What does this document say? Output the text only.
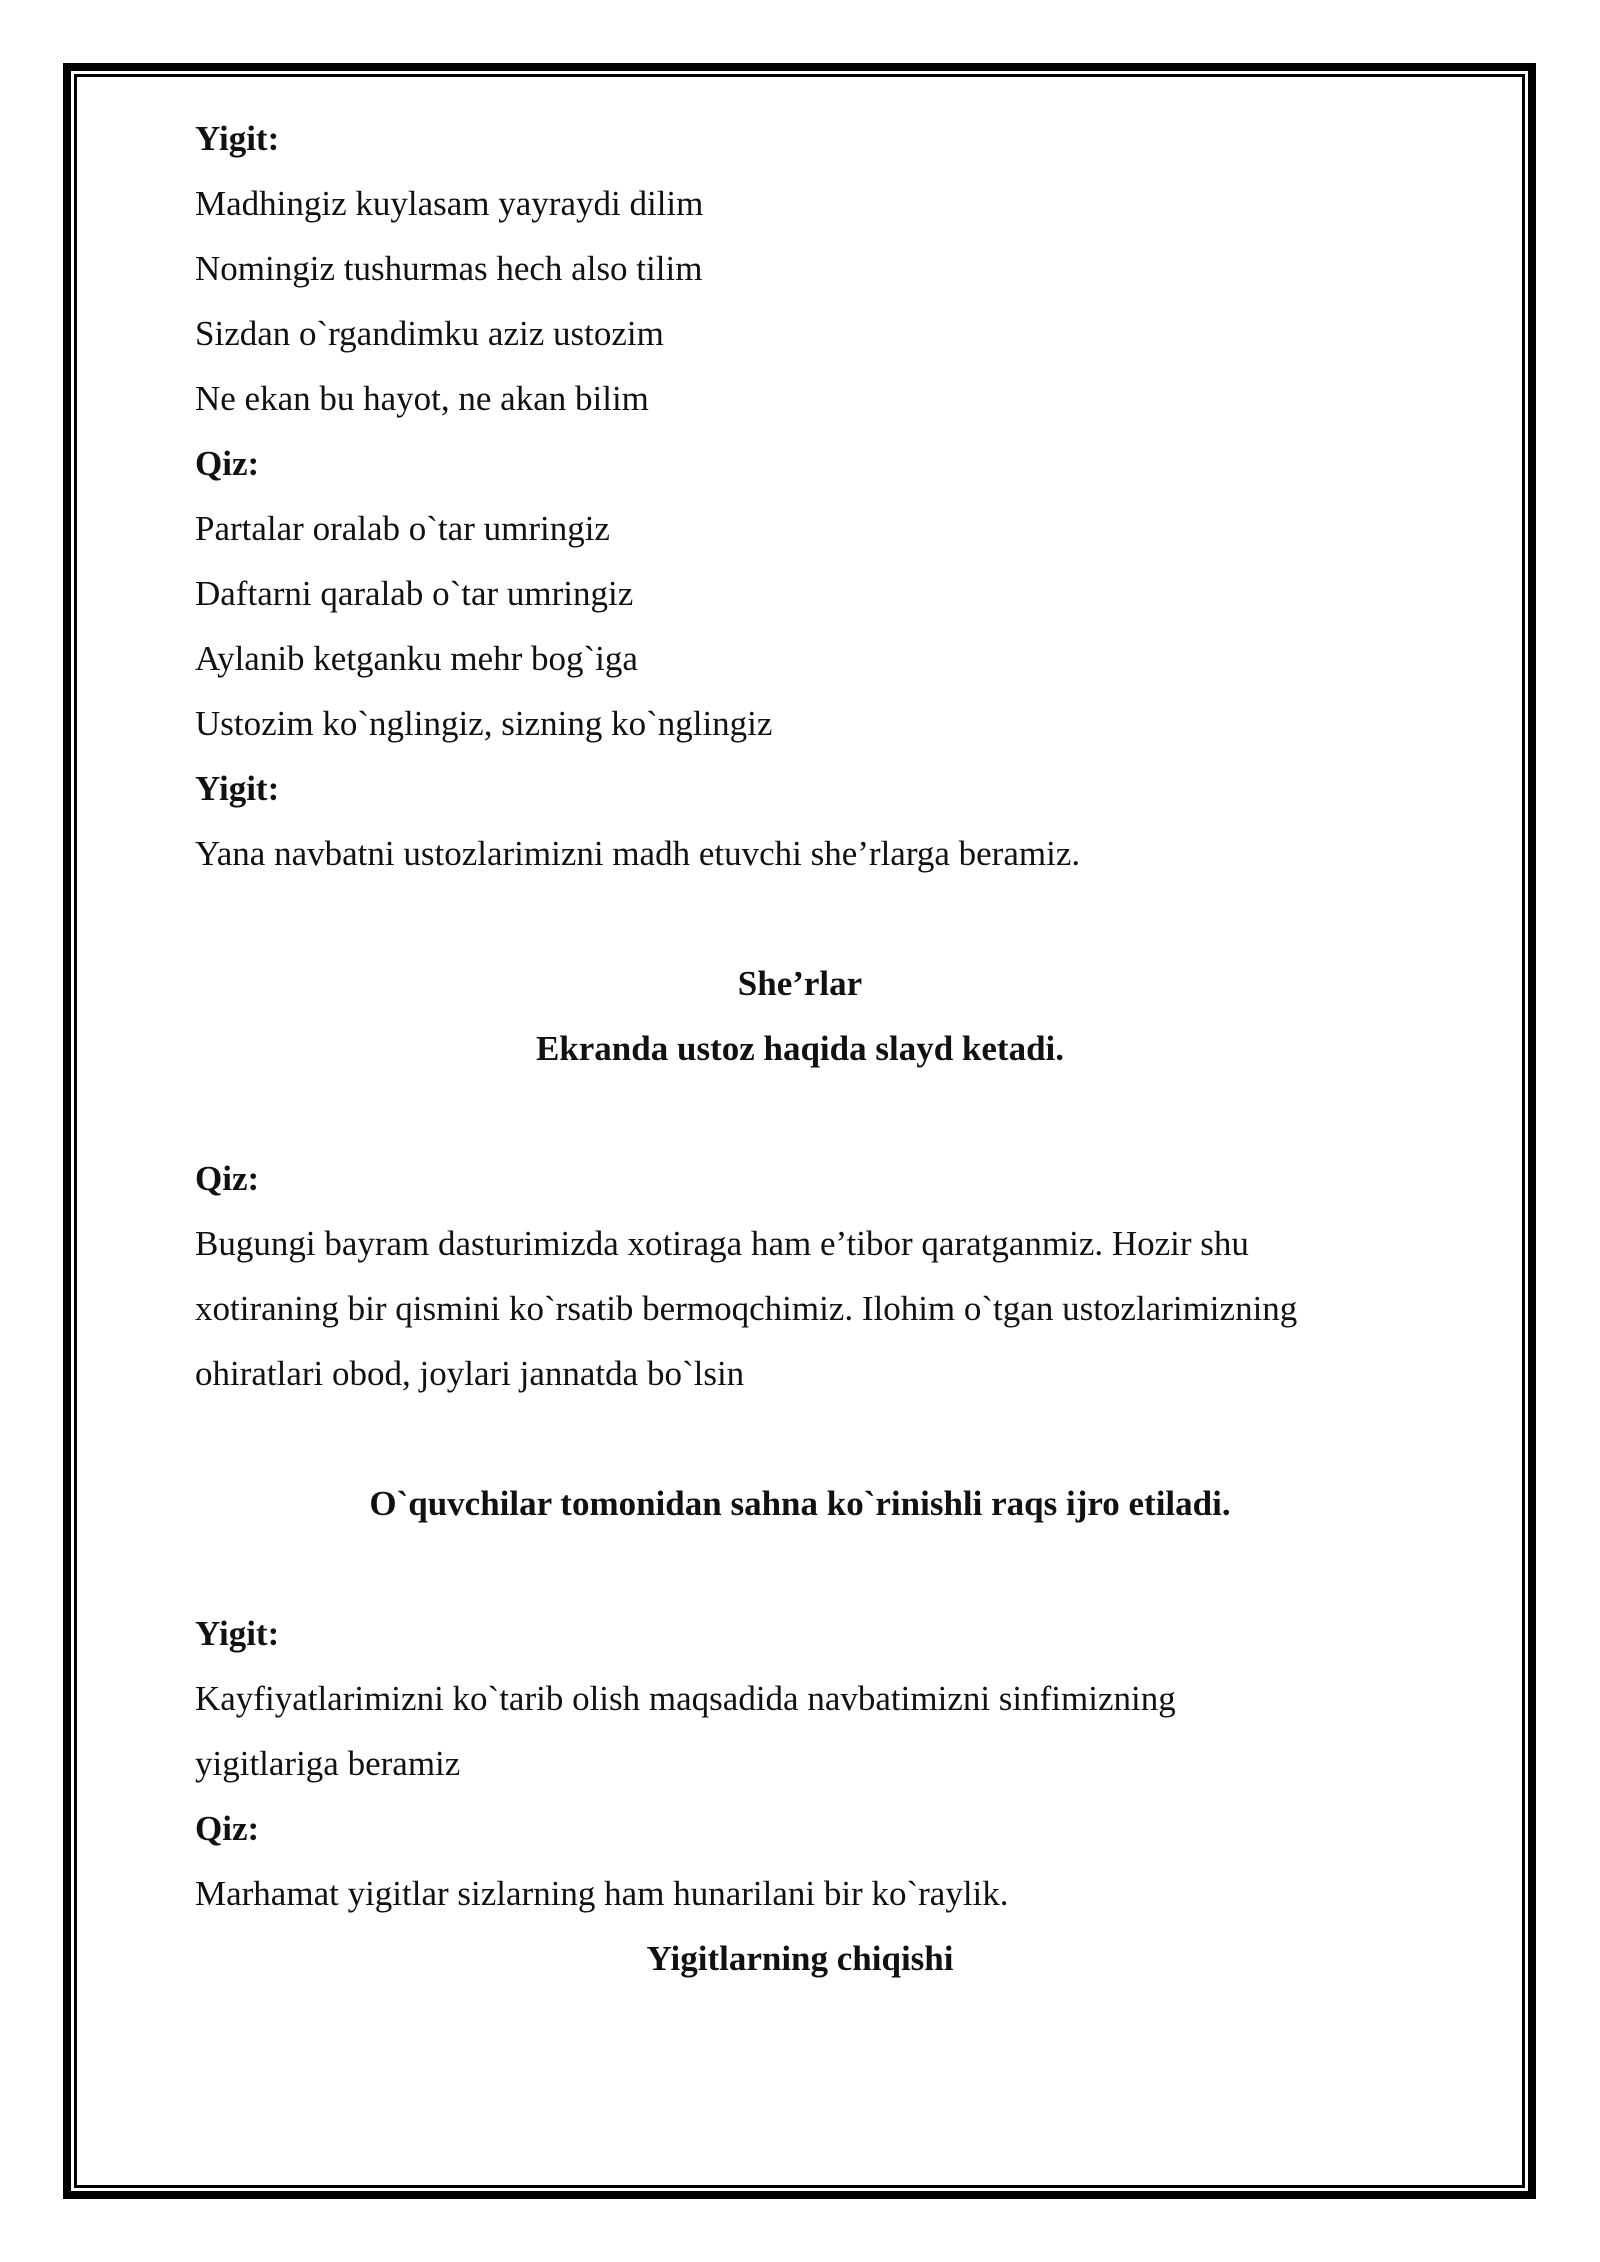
Yigit:
Madhingiz kuylasam yayraydi dilim
Nomingiz tushurmas hech also tilim
Sizdan o`rgandimku aziz ustozim
Ne ekan bu hayot, ne akan bilim
Qiz:
Partalar oralab o`tar umringiz
Daftarni qaralab o`tar umringiz
Aylanib ketganku mehr bog`iga
Ustozim ko`nglingiz, sizning ko`nglingiz
Yigit:
Yana navbatni ustozlarimizni madh etuvchi she’rlarga beramiz.
She’rlar
Ekranda ustoz haqida slayd ketadi.
Qiz:
Bugungi bayram dasturimizda xotiraga ham e’tibor qaratganmiz. Hozir shu
xotiraning bir qismini ko`rsatib bermoqchimiz. Ilohim o`tgan ustozlarimizning
ohiratlari obod, joylari jannatda bo`lsin
O`quvchilar tomonidan sahna ko`rinishli raqs ijro etiladi.
Yigit:
Kayfiyatlarimizni ko`tarib olish maqsadida navbatimizni sinfimizning
yigitlariga beramiz
Qiz:
Marhamat yigitlar sizlarning ham hunarilani bir ko`raylik.
Yigitlarning chiqishi
